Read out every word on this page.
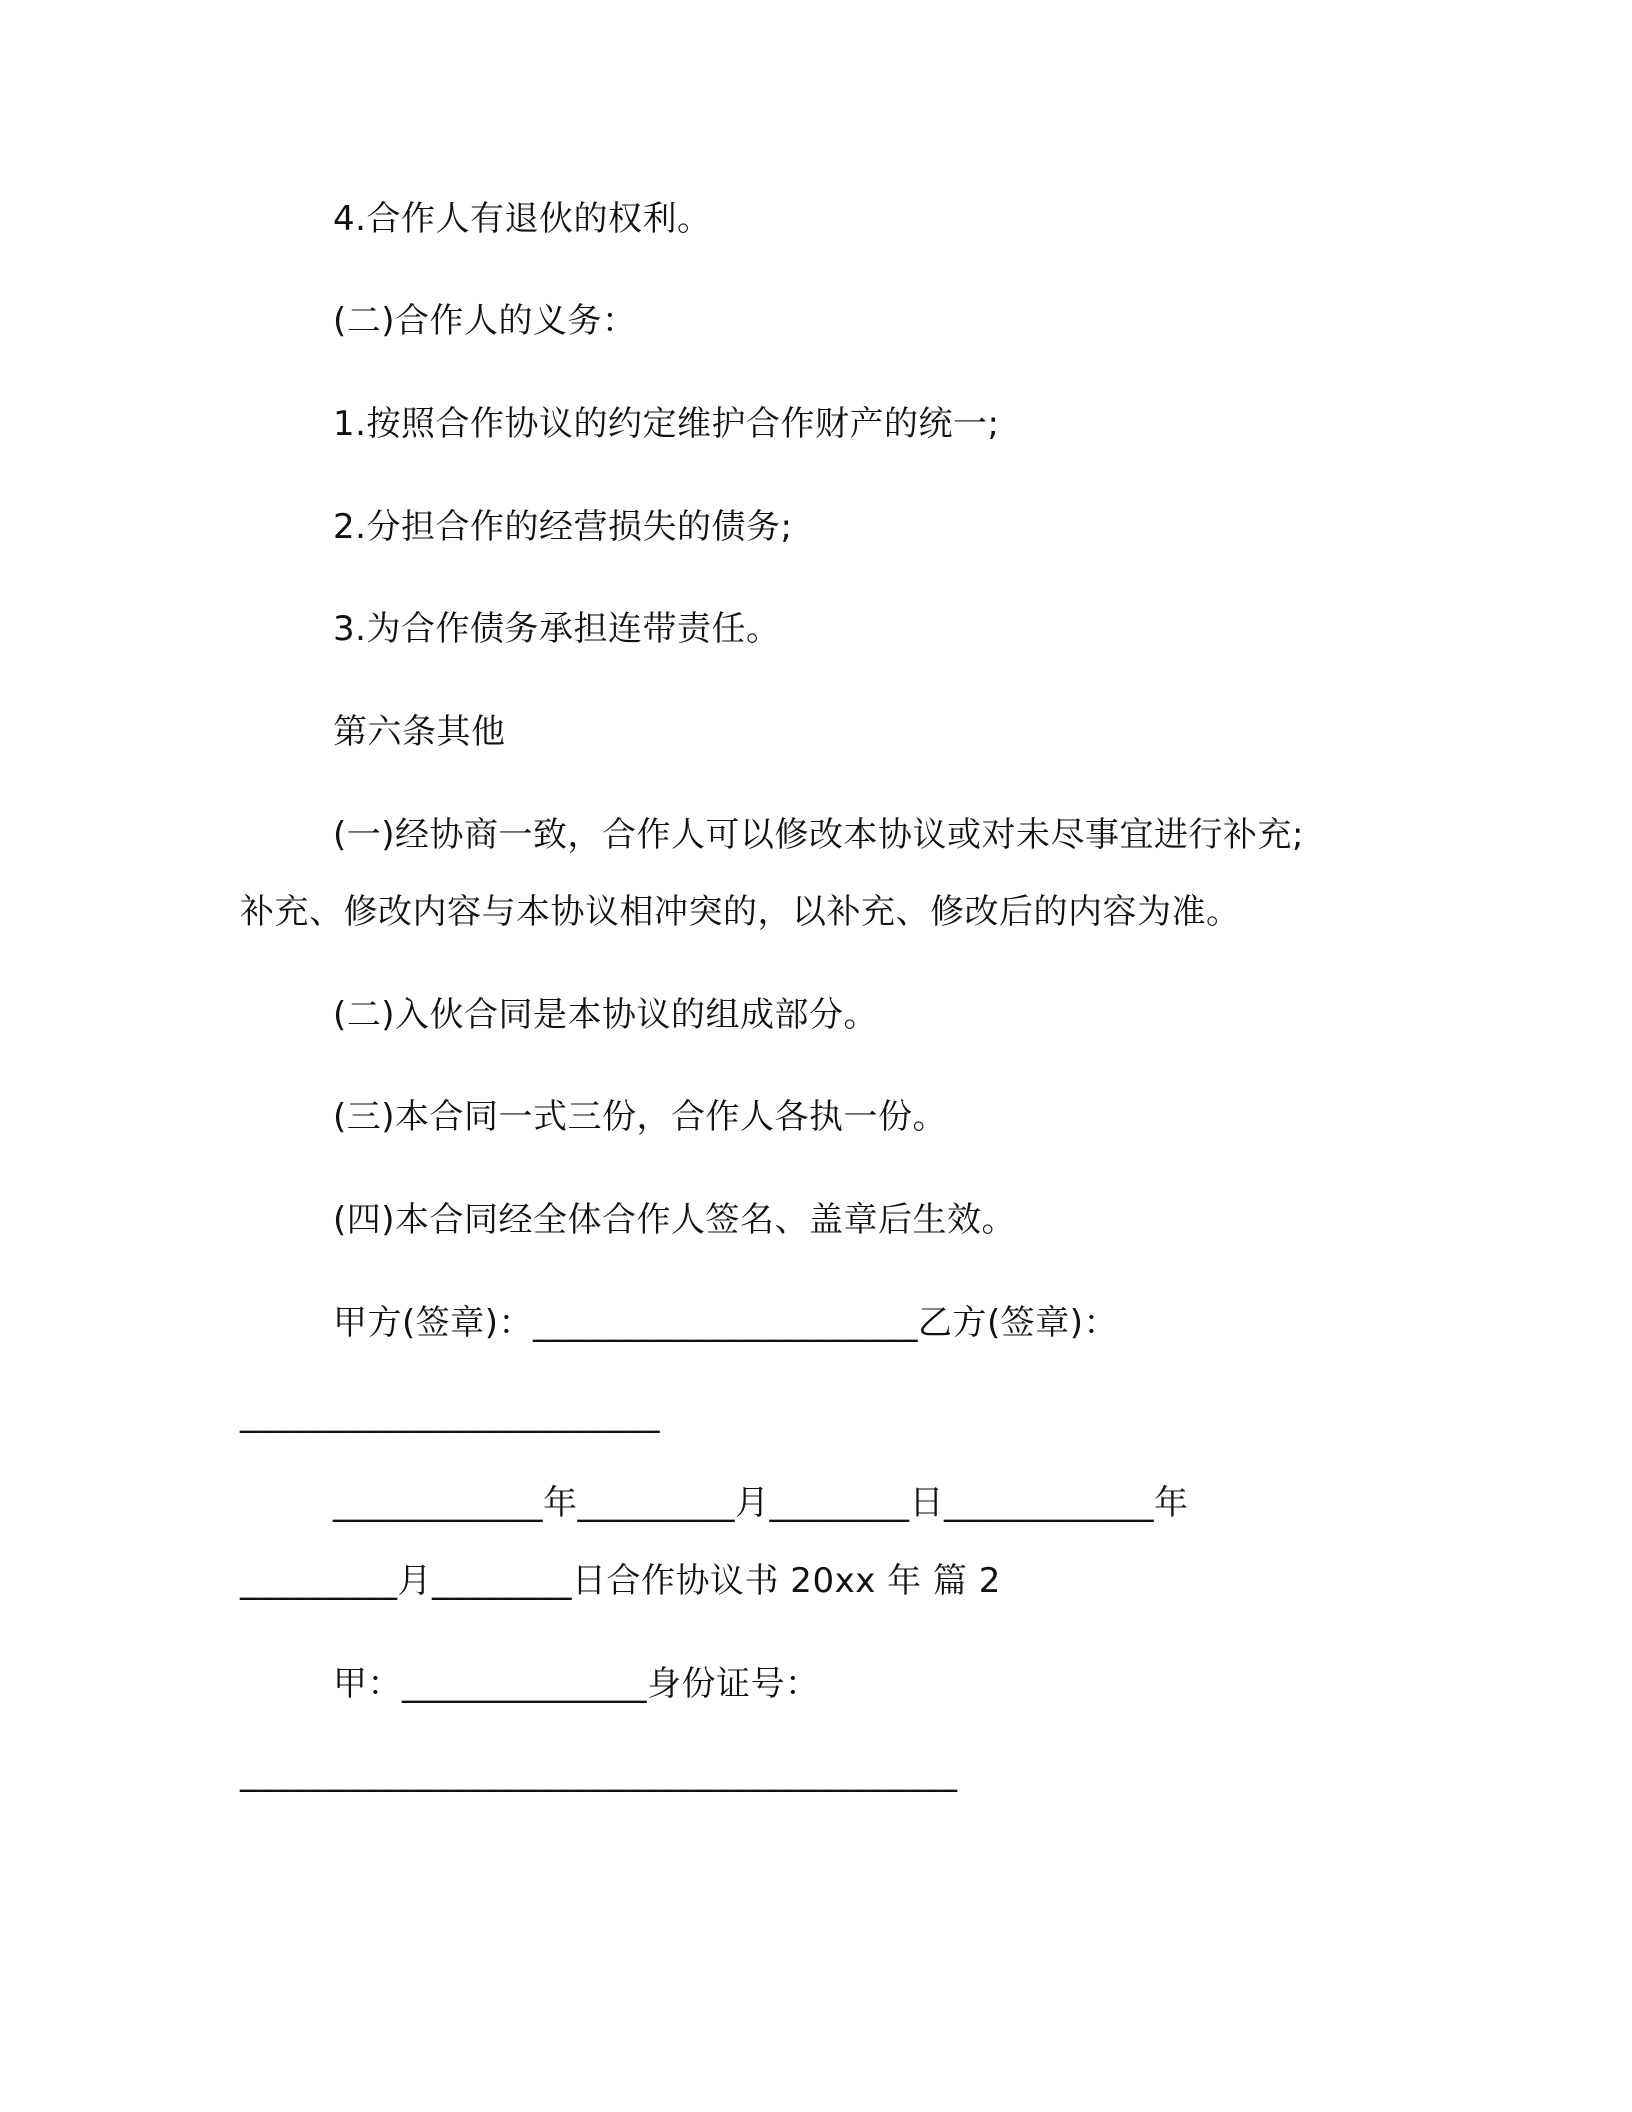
4.合作人有退伙的权利。
(二)合作人的义务：
1.按照合作协议的约定维护合作财产的统一;
2.分担合作的经营损失的债务;
3.为合作债务承担连带责任。
第六条其他
(一)经协商一致，合作人可以修改本协议或对未尽事宜进行补充;
补充、修改内容与本协议相冲突的，以补充、修改后的内容为准。
(二)入伙合同是本协议的组成部分。
(三)本合同一式三份，合作人各执一份。
(四)本合同经全体合作人签名、盖章后生效。
甲方(签章)：______________________乙方(签章)：
________________________
____________年_________月________日____________年
_________月________日合作协议书 20xx 年 篇 2
甲：______________身份证号：
_________________________________________
